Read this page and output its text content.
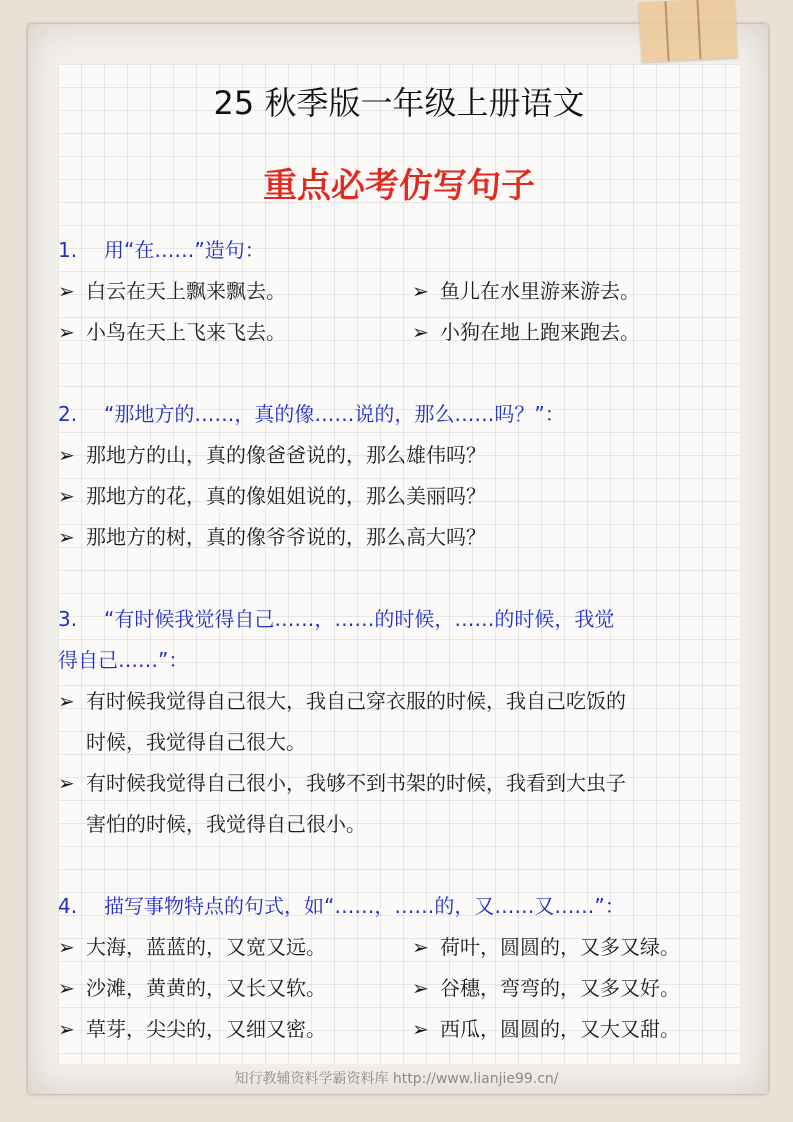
25 秋季版一年级上册语文
重点必考仿写句子
1. 用“在……”造句：
➢ 白云在天上飘来飘去。	➢ 鱼儿在水里游来游去。
➢ 小鸟在天上飞来飞去。	➢ 小狗在地上跑来跑去。
2. “那地方的……，真的像……说的，那么……吗？”：
➢ 那地方的山，真的像爸爸说的，那么雄伟吗？
➢ 那地方的花，真的像姐姐说的，那么美丽吗？
➢ 那地方的树，真的像爷爷说的，那么高大吗？
3. “有时候我觉得自己……，……的时候，……的时候，我觉
得自己……”：
➢ 有时候我觉得自己很大，我自己穿衣服的时候，我自己吃饭的
时候，我觉得自己很大。
➢ 有时候我觉得自己很小，我够不到书架的时候，我看到大虫子
害怕的时候，我觉得自己很小。
4. 描写事物特点的句式，如“……，……的，又……又……”：
➢ 大海，蓝蓝的，又宽又远。	➢ 荷叶，圆圆的，又多又绿。
➢ 沙滩，黄黄的，又长又软。	➢ 谷穗，弯弯的，又多又好。
➢ 草芽，尖尖的，又细又密。	➢ 西瓜，圆圆的，又大又甜。
知行教辅资料学霸资料库 http://www.lianjie99.cn/
